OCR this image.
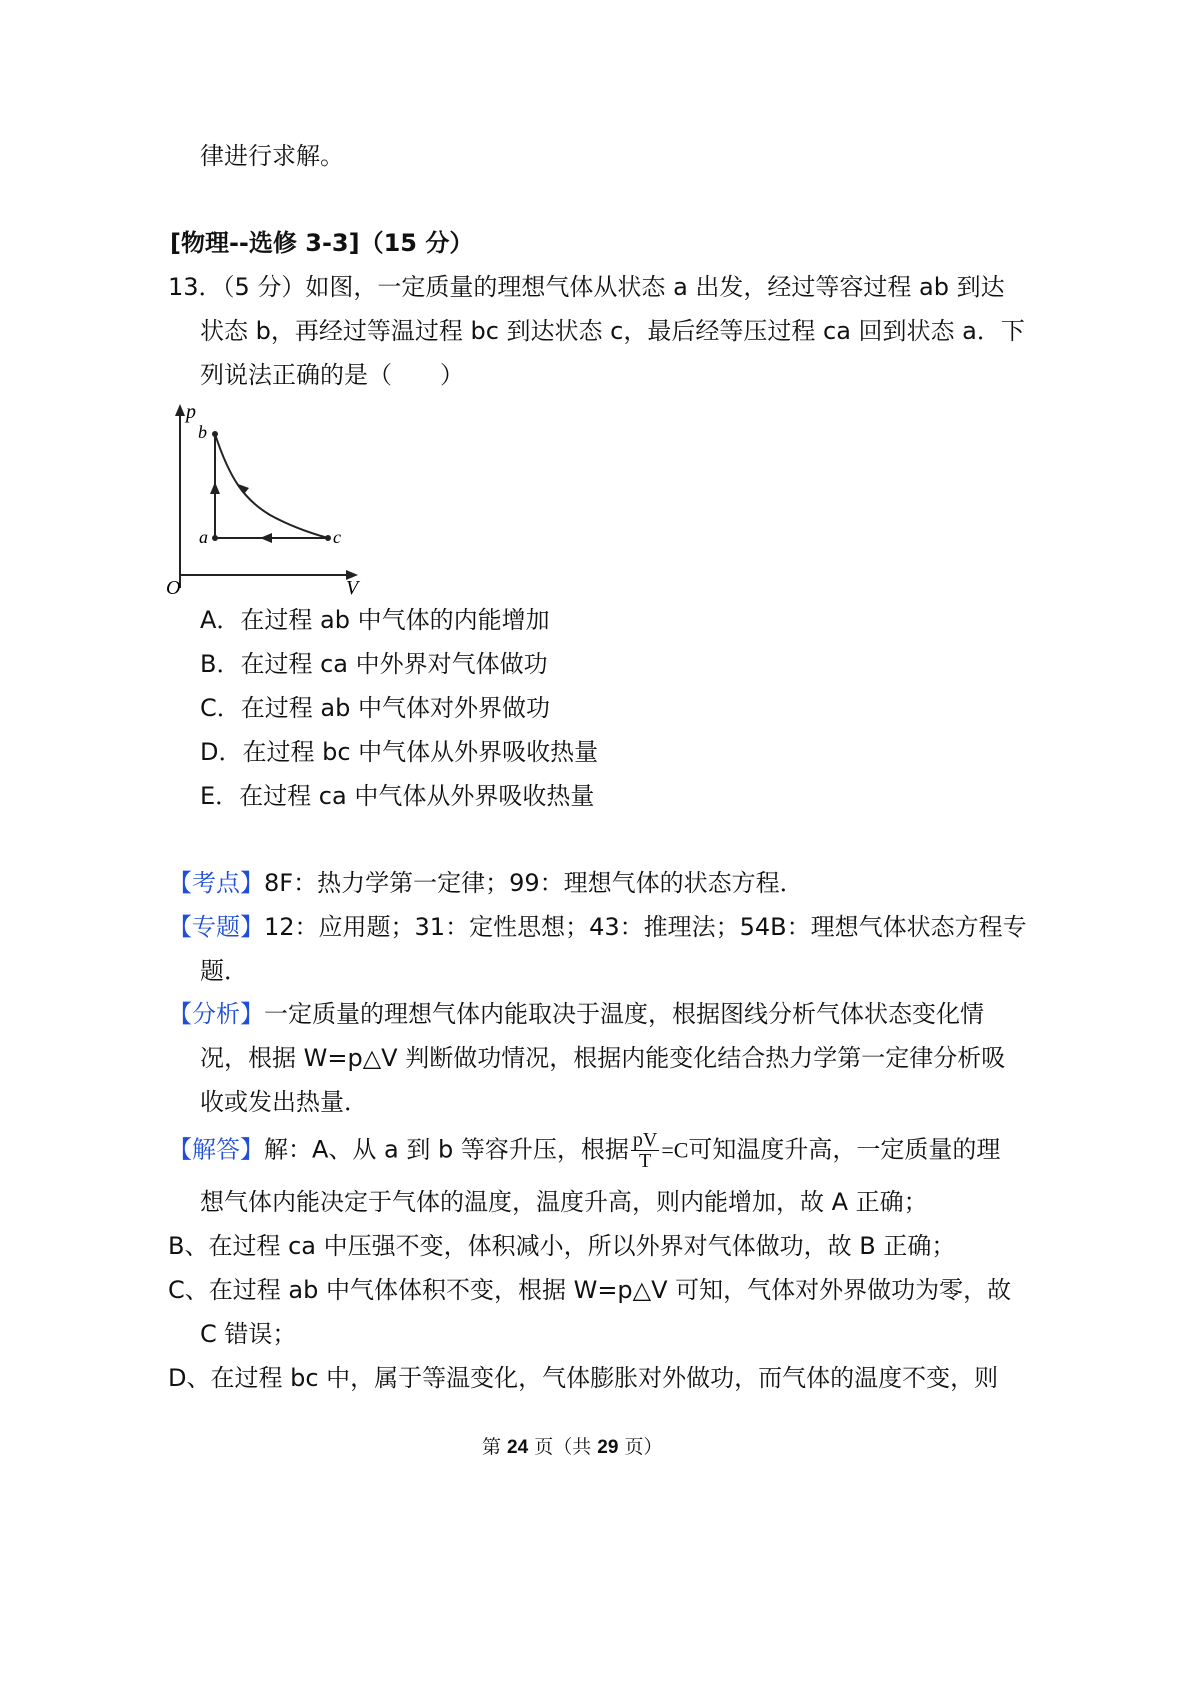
律进行求解。
[物理--选修 3-3]（15 分）
13．（5 分）如图，一定质量的理想气体从状态 a 出发，经过等容过程 ab 到达
状态 b，再经过等温过程 bc 到达状态 c，最后经等压过程 ca 回到状态 a．下
列说法正确的是（　　）
p
V
O
b
a	c
A．在过程 ab 中气体的内能增加
B．在过程 ca 中外界对气体做功
C．在过程 ab 中气体对外界做功
D．在过程 bc 中气体从外界吸收热量
E．在过程 ca 中气体从外界吸收热量
【考点】8F：热力学第一定律；99：理想气体的状态方程．
【专题】12：应用题；31：定性思想；43：推理法；54B：理想气体状态方程专
题．
【分析】一定质量的理想气体内能取决于温度，根据图线分析气体状态变化情
况，根据 W=p△V 判断做功情况，根据内能变化结合热力学第一定律分析吸
收或发出热量．
【解答】解：A、从 a 到 b 等容升压，根据 $\frac{pV}{T} =C$可知温度升高，一定质量的理
想气体内能决定于气体的温度，温度升高，则内能增加，故 A 正确；
B、在过程 ca 中压强不变，体积减小，所以外界对气体做功，故 B 正确；
C、在过程 ab 中气体体积不变，根据 W=p△V 可知，气体对外界做功为零，故
C 错误；
D、在过程 bc 中，属于等温变化，气体膨胀对外做功，而气体的温度不变，则
第 24 页（共 29 页）
